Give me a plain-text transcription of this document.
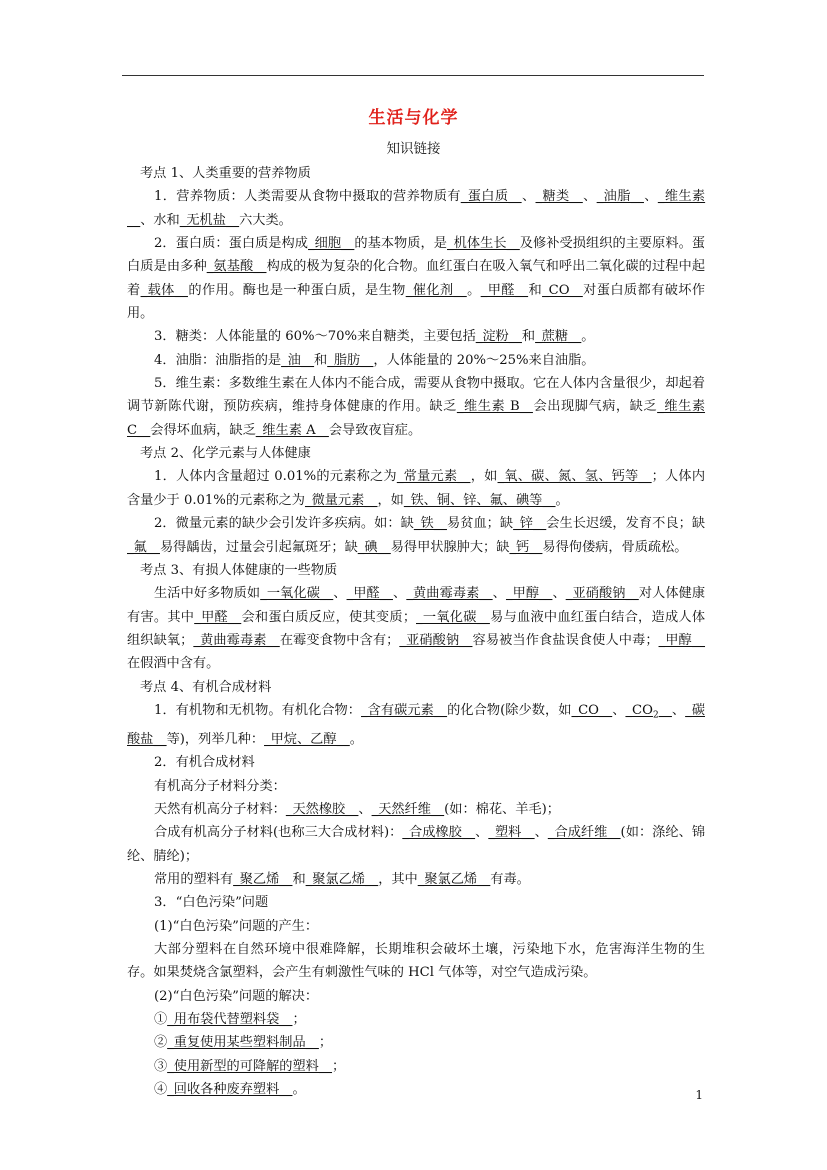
生活与化学
知识链接

考点 1、人类重要的营养物质

1．营养物质：人类需要从食物中摄取的营养物质有_蛋白质__、_糖类__、_油脂__、_维生素__、水和_无机盐__六大类。

2．蛋白质：蛋白质是构成_细胞__的基本物质，是_机体生长__及修补受损组织的主要原料。蛋白质是由多种_氨基酸__构成的极为复杂的化合物。血红蛋白在吸入氧气和呼出二氧化碳的过程中起着_载体__的作用。酶也是一种蛋白质，是生物_催化剂__。_甲醛__和_CO__对蛋白质都有破坏作用。

3．糖类：人体能量的 60%～70%来自糖类，主要包括_淀粉__和_蔗糖__。

4．油脂：油脂指的是_油__和_脂肪__，人体能量的 20%～25%来自油脂。

5．维生素：多数维生素在人体内不能合成，需要从食物中摄取。它在人体内含量很少，却起着调节新陈代谢，预防疾病，维持身体健康的作用。缺乏_维生素 B__会出现脚气病，缺乏_维生素 C__会得坏血病，缺乏_维生素 A__会导致夜盲症。

考点 2、化学元素与人体健康

1．人体内含量超过 0.01%的元素称之为_常量元素__，如_氧、碳、氮、氢、钙等__；人体内含量少于 0.01%的元素称之为_微量元素__，如_铁、铜、锌、氟、碘等__。

2．微量元素的缺少会引发许多疾病。如：缺_铁__易贫血；缺_锌__会生长迟缓，发育不良；缺_氟__易得龋齿，过量会引起氟斑牙；缺_碘__易得甲状腺肿大；缺_钙__易得佝偻病，骨质疏松。

考点 3、有损人体健康的一些物质

生活中好多物质如_一氧化碳__、_甲醛__、_黄曲霉毒素__、_甲醇__、_亚硝酸钠__对人体健康有害。其中_甲醛__会和蛋白质反应，使其变质；_一氧化碳__易与血液中血红蛋白结合，造成人体组织缺氧；_黄曲霉毒素__在霉变食物中含有；_亚硝酸钠__容易被当作食盐误食使人中毒；_甲醇__在假酒中含有。

考点 4、有机合成材料

1．有机物和无机物。有机化合物：_含有碳元素__的化合物(除少数，如_CO__、$\_CO_2\_\_$、_碳酸盐__等)，列举几种：_甲烷、乙醇__。

2．有机合成材料

有机高分子材料分类：

天然有机高分子材料：_天然橡胶__、_天然纤维__(如：棉花、羊毛)；

合成有机高分子材料(也称三大合成材料)：_合成橡胶__、_塑料__、_合成纤维__(如：涤纶、锦纶、腈纶)；

常用的塑料有_聚乙烯__和_聚氯乙烯__，其中_聚氯乙烯__有毒。

3．“白色污染”问题

(1)“白色污染”问题的产生：

大部分塑料在自然环境中很难降解，长期堆积会破坏土壤，污染地下水，危害海洋生物的生存。如果焚烧含氯塑料，会产生有刺激性气味的 HCl 气体等，对空气造成污染。

(2)“白色污染”问题的解决：

①_用布袋代替塑料袋__；

②_重复使用某些塑料制品__；

③_使用新型的可降解的塑料__；

④_回收各种废弃塑料__。	1
